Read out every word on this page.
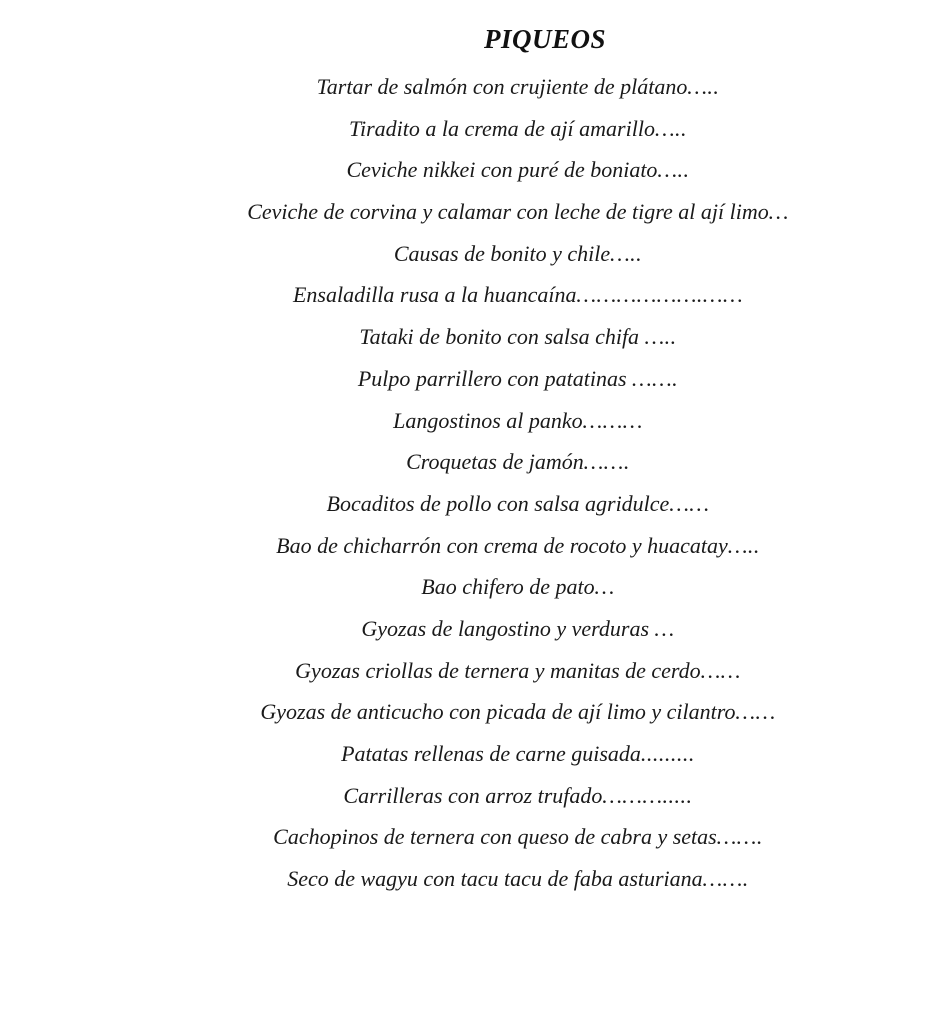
PIQUEOS
Tartar de salmón con crujiente de plátano…..
Tiradito a la crema de ají amarillo…..
Ceviche nikkei con puré de boniato…..
Ceviche de corvina y calamar con leche de tigre al ají limo…
Causas de bonito y chile…..
Ensaladilla rusa a la huancaína……………….……
Tataki de bonito con salsa chifa …..
Pulpo parrillero con patatinas …….
Langostinos al panko………
Croquetas de jamón…….
Bocaditos de pollo con salsa agridulce……
Bao de chicharrón con crema de rocoto y huacatay…..
Bao chifero de pato…
Gyozas de langostino y verduras …
Gyozas criollas de ternera y manitas de cerdo……
Gyozas de anticucho con picada de ají limo y cilantro……
Patatas rellenas de carne guisada.........
Carrilleras con arroz trufado……….....
Cachopinos de ternera con queso de cabra y setas…….
Seco de wagyu con tacu tacu de faba asturiana…….
